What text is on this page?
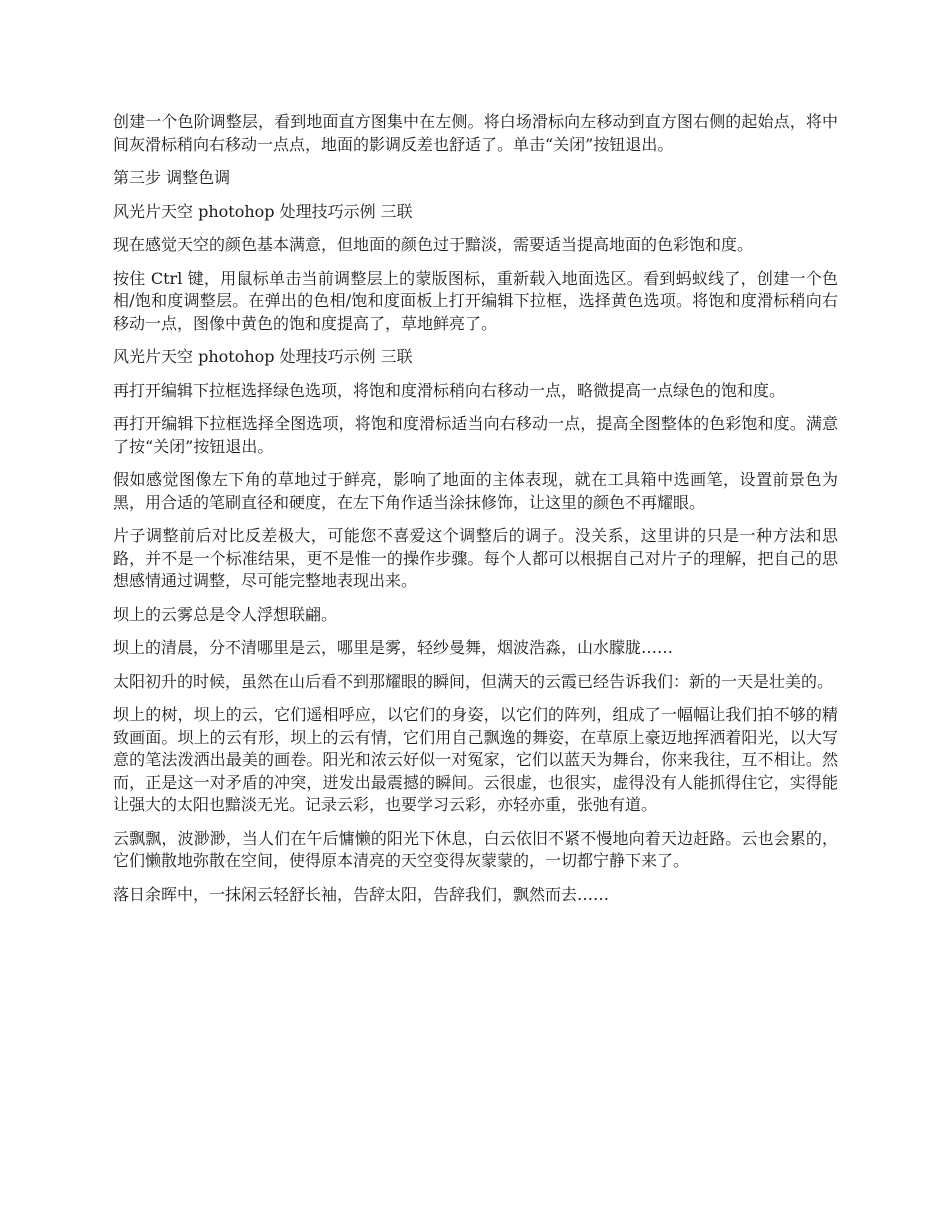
创建一个色阶调整层，看到地面直方图集中在左侧。将白场滑标向左移动到直方图右侧的起始点，将中间灰滑标稍向右移动一点点，地面的影调反差也舒适了。单击“关闭”按钮退出。

第三步 调整色调

风光片天空 photohop 处理技巧示例 三联

现在感觉天空的颜色基本满意，但地面的颜色过于黯淡，需要适当提高地面的色彩饱和度。

按住 Ctrl 键，用鼠标单击当前调整层上的蒙版图标，重新载入地面选区。看到蚂蚁线了，创建一个色相/饱和度调整层。在弹出的色相/饱和度面板上打开编辑下拉框，选择黄色选项。将饱和度滑标稍向右移动一点，图像中黄色的饱和度提高了，草地鲜亮了。

风光片天空 photohop 处理技巧示例 三联

再打开编辑下拉框选择绿色选项，将饱和度滑标稍向右移动一点，略微提高一点绿色的饱和度。

再打开编辑下拉框选择全图选项，将饱和度滑标适当向右移动一点，提高全图整体的色彩饱和度。满意了按“关闭”按钮退出。

假如感觉图像左下角的草地过于鲜亮，影响了地面的主体表现，就在工具箱中选画笔，设置前景色为黑，用合适的笔刷直径和硬度，在左下角作适当涂抹修饰，让这里的颜色不再耀眼。

片子调整前后对比反差极大，可能您不喜爱这个调整后的调子。没关系，这里讲的只是一种方法和思路，并不是一个标准结果，更不是惟一的操作步骤。每个人都可以根据自己对片子的理解，把自己的思想感情通过调整，尽可能完整地表现出来。

坝上的云雾总是令人浮想联翩。

坝上的清晨，分不清哪里是云，哪里是雾，轻纱曼舞，烟波浩淼，山水朦胧……

太阳初升的时候，虽然在山后看不到那耀眼的瞬间，但满天的云霞已经告诉我们：新的一天是壮美的。

坝上的树，坝上的云，它们遥相呼应，以它们的身姿，以它们的阵列，组成了一幅幅让我们拍不够的精致画面。坝上的云有形，坝上的云有情，它们用自己飘逸的舞姿，在草原上豪迈地挥洒着阳光，以大写意的笔法泼洒出最美的画卷。阳光和浓云好似一对冤家，它们以蓝天为舞台，你来我往，互不相让。然而，正是这一对矛盾的冲突，迸发出最震撼的瞬间。云很虚，也很实，虚得没有人能抓得住它，实得能让强大的太阳也黯淡无光。记录云彩，也要学习云彩，亦轻亦重，张弛有道。

云飘飘，波渺渺，当人们在午后慵懒的阳光下休息，白云依旧不紧不慢地向着天边赶路。云也会累的，它们懒散地弥散在空间，使得原本清亮的天空变得灰蒙蒙的，一切都宁静下来了。

落日余晖中，一抹闲云轻舒长袖，告辞太阳，告辞我们，飘然而去……
